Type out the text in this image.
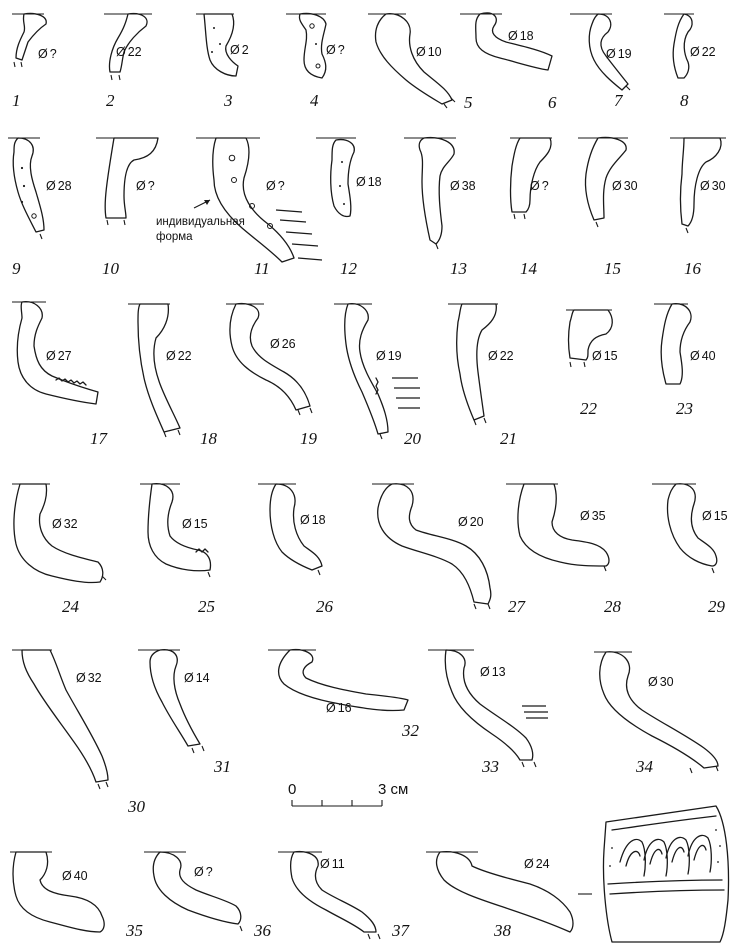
Ø ?
1
Ø 22
2
Ø 2
3
Ø ?
4
Ø 10
5
Ø 18
6
Ø 19
7
Ø 22
8
Ø 28
9
Ø ?
10
индивидуальная
форма
Ø ?
11
Ø 18
12
Ø 38
13
Ø ?
14
Ø 30
15
Ø 30
16
Ø 27
17
Ø 22
18
Ø 26
19
Ø 19
20
Ø 22
21
Ø 15
22
Ø 40
23
Ø 32
24
Ø 15
25
Ø 18
26
Ø 20
27
Ø 35
28
Ø 15
29
Ø 32
30
Ø 14
31
Ø 16
32
Ø 13
33
Ø 30
34
0	3 см
Ø 40
35
Ø ?
36
Ø 11
37
Ø 24
38
